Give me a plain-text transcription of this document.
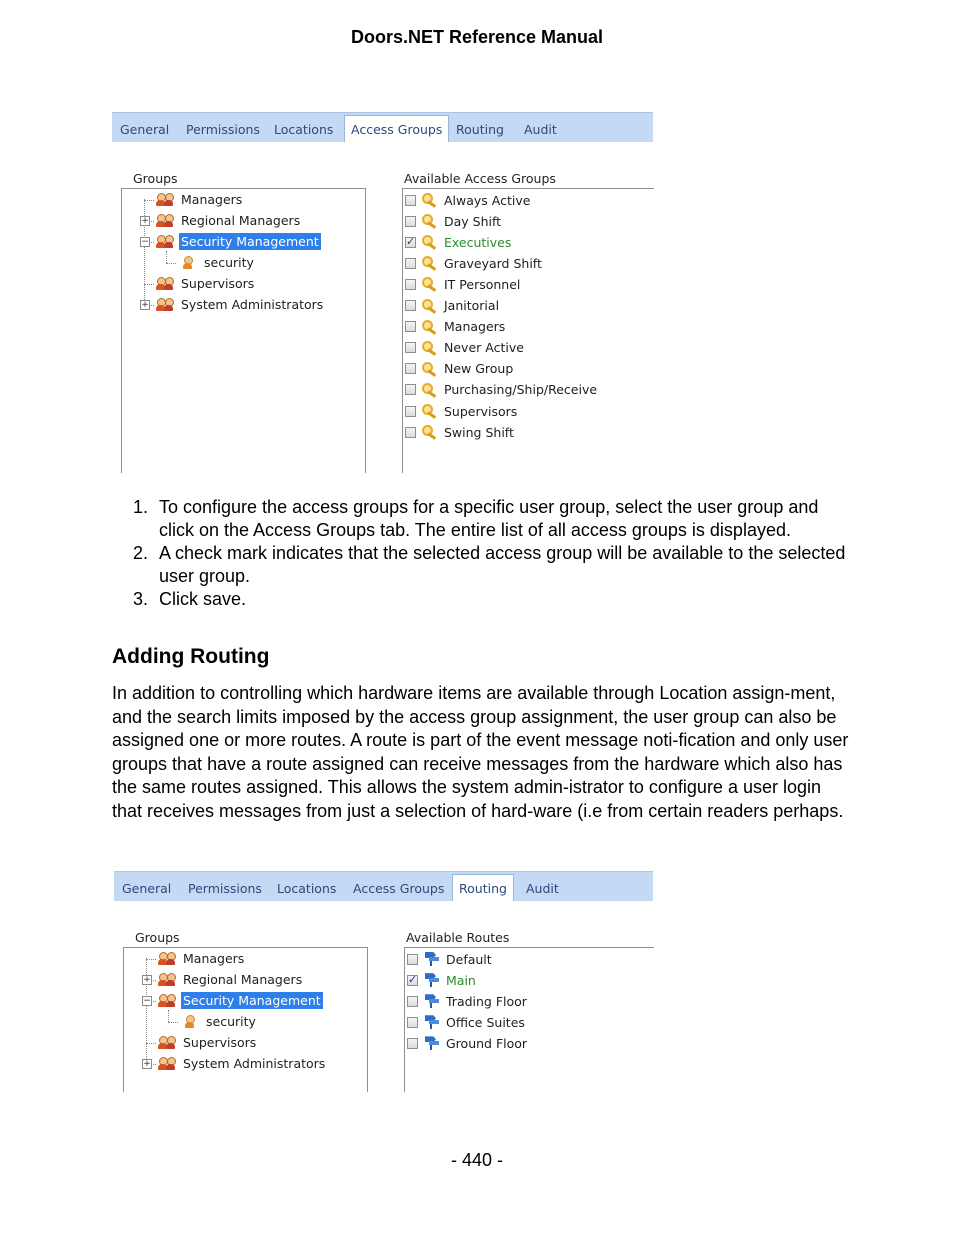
Doors.NET Reference Manual
General Permissions Locations	Access Groups	Routing Audit
Groups	Available Access Groups
Managers
+	Regional Managers
−	Security Management
security
Supervisors
+	System Administrators
Always Active
Day Shift
✓
Executives
Graveyard Shift
IT Personnel
Janitorial
Managers
Never Active
New Group
Purchasing/Ship/Receive
Supervisors
Swing Shift
1. To configure the access groups for a specific user group, select the user group and click on the Access Groups tab. The entire list of all access groups is displayed.
2. A check mark indicates that the selected access group will be available to the selected user group.
3. Click save.
Adding Routing
In addition to controlling which hardware items are available through Location assign-ment, and the search limits imposed by the access group assignment, the user group can also be assigned one or more routes. A route is part of the event message noti-fication and only user groups that have a route assigned can receive messages from the hardware which also has the same routes assigned. This allows the system admin-istrator to configure a user login that receives messages from just a selection of hard-ware (i.e from certain readers perhaps.
General Permissions Locations Access Groups	Routing	Audit
Groups	Available Routes
Managers
+	Regional Managers
−	Security Management
security
Supervisors
+	System Administrators
Default
✓
Main
Trading Floor
Office Suites
Ground Floor
- 440 -
